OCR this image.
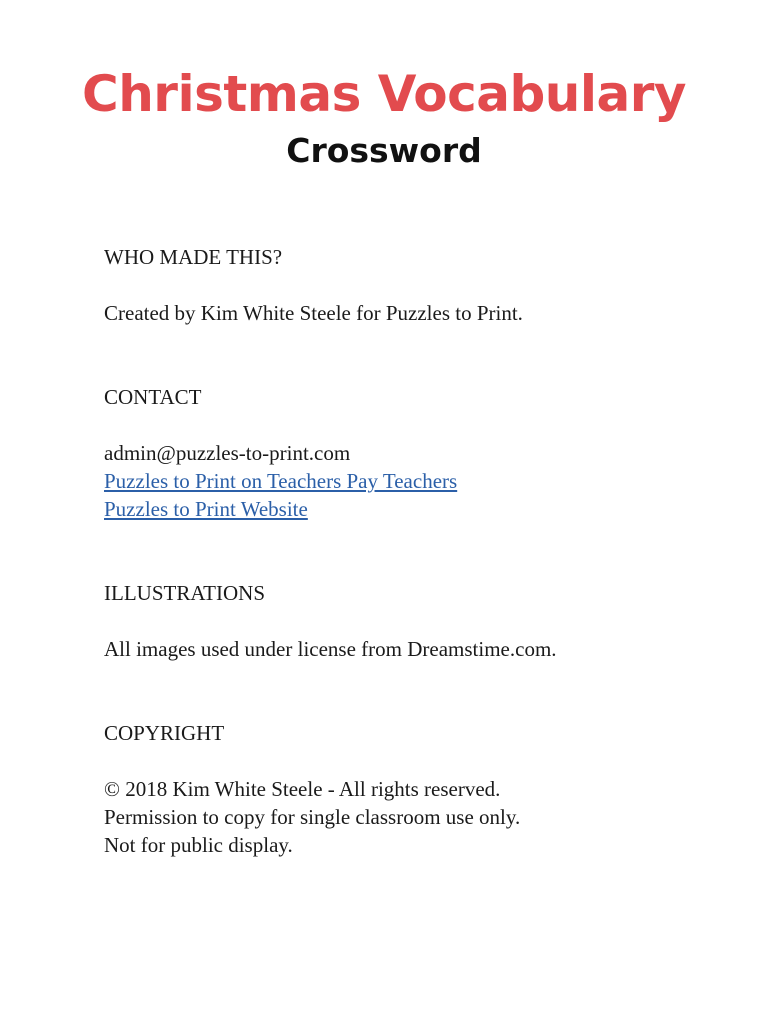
Christmas Vocabulary
Crossword
WHO MADE THIS?
Created by Kim White Steele for Puzzles to Print.
CONTACT
admin@puzzles-to-print.com
Puzzles to Print on Teachers Pay Teachers
Puzzles to Print Website
ILLUSTRATIONS
All images used under license from Dreamstime.com.
COPYRIGHT
© 2018 Kim White Steele - All rights reserved.
Permission to copy for single classroom use only.
Not for public display.
